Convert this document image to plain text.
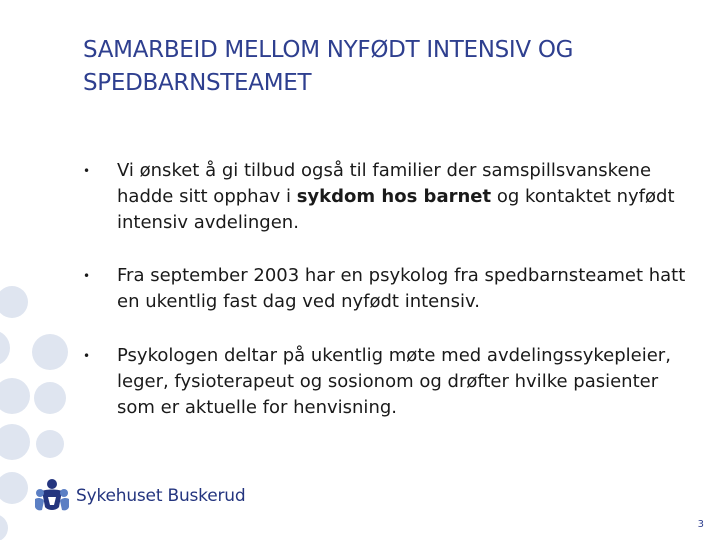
SAMARBEID MELLOM NYFØDT INTENSIV OG
SPEDBARNSTEAMET
• Vi ønsket å gi tilbud også til familier der samspillsvanskene hadde sitt opphav i sykdom hos barnet og kontaktet nyfødt intensiv avdelingen.
• Fra september 2003 har en psykolog fra spedbarnsteamet hatt en ukentlig fast dag ved nyfødt intensiv.
• Psykologen deltar på ukentlig møte med avdelingssykepleier, leger, fysioterapeut og sosionom og drøfter hvilke pasienter som er aktuelle for henvisning.
Sykehuset Buskerud
3
